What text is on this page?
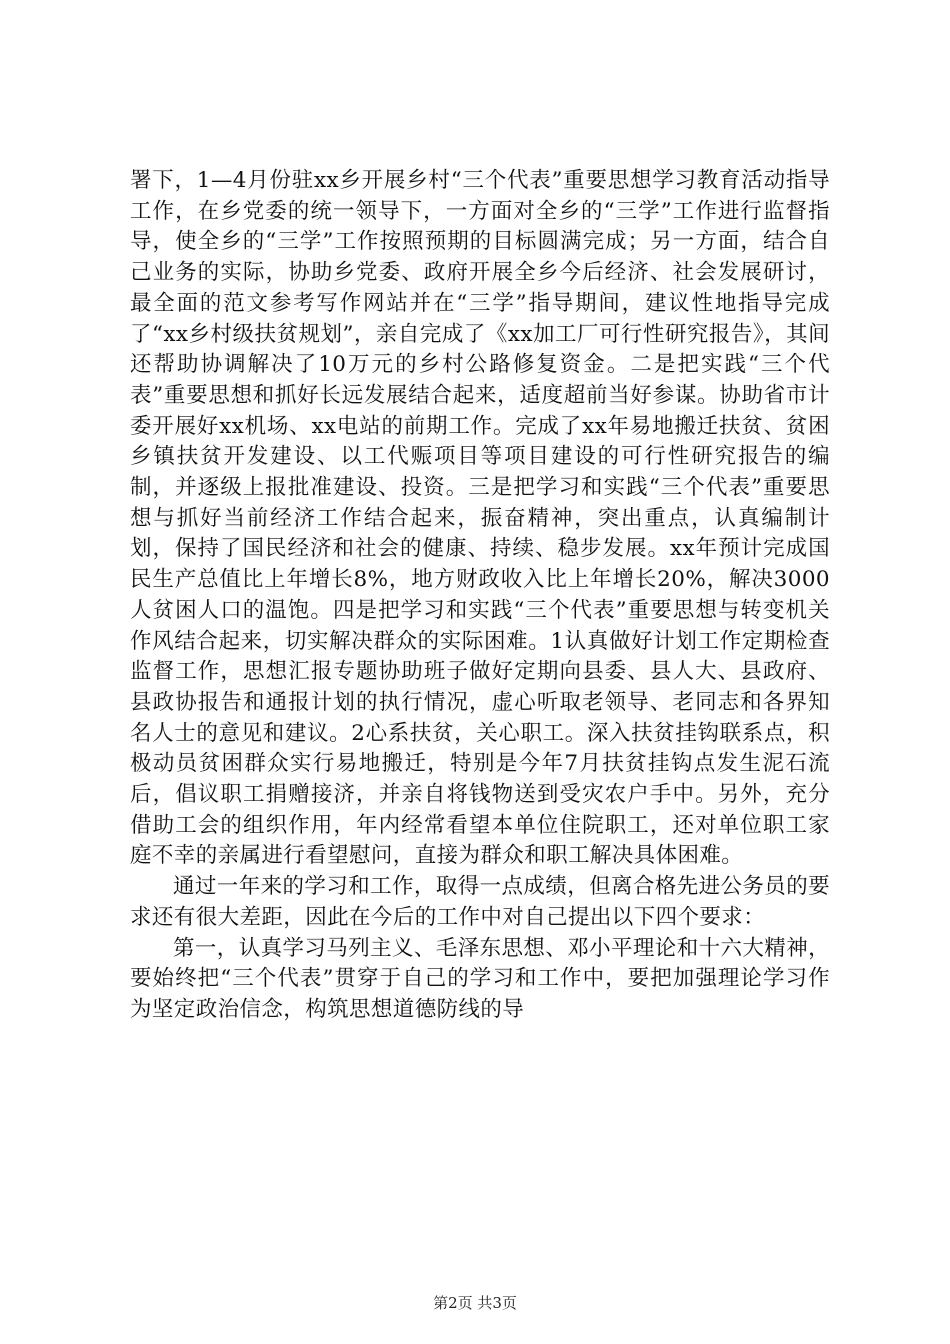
署下，1—4月份驻xx乡开展乡村“三个代表”重要思想学习教育活动指导工作，在乡党委的统一领导下，一方面对全乡的“三学”工作进行监督指导，使全乡的“三学”工作按照预期的目标圆满完成；另一方面，结合自己业务的实际，协助乡党委、政府开展全乡今后经济、社会发展研讨，最全面的范文参考写作网站并在“三学”指导期间，建议性地指导完成了“xx乡村级扶贫规划”，亲自完成了《xx加工厂可行性研究报告》，其间还帮助协调解决了10万元的乡村公路修复资金。二是把实践“三个代表”重要思想和抓好长远发展结合起来，适度超前当好参谋。协助省市计委开展好xx机场、xx电站的前期工作。完成了xx年易地搬迁扶贫、贫困乡镇扶贫开发建设、以工代赈项目等项目建设的可行性研究报告的编制，并逐级上报批准建设、投资。三是把学习和实践“三个代表”重要思想与抓好当前经济工作结合起来，振奋精神，突出重点，认真编制计划，保持了国民经济和社会的健康、持续、稳步发展。xx年预计完成国民生产总值比上年增长8%，地方财政收入比上年增长20%，解决3000人贫困人口的温饱。四是把学习和实践“三个代表”重要思想与转变机关作风结合起来，切实解决群众的实际困难。1认真做好计划工作定期检查监督工作，思想汇报专题协助班子做好定期向县委、县人大、县政府、县政协报告和通报计划的执行情况，虚心听取老领导、老同志和各界知名人士的意见和建议。2心系扶贫，关心职工。深入扶贫挂钩联系点，积极动员贫困群众实行易地搬迁，特别是今年7月扶贫挂钩点发生泥石流后，倡议职工捐赠接济，并亲自将钱物送到受灾农户手中。另外，充分借助工会的组织作用，年内经常看望本单位住院职工，还对单位职工家庭不幸的亲属进行看望慰问，直接为群众和职工解决具体困难。

通过一年来的学习和工作，取得一点成绩，但离合格先进公务员的要求还有很大差距，因此在今后的工作中对自己提出以下四个要求：

第一，认真学习马列主义、毛泽东思想、邓小平理论和十六大精神，要始终把“三个代表”贯穿于自己的学习和工作中，要把加强理论学习作为坚定政治信念，构筑思想道德防线的导

第2页 共3页
